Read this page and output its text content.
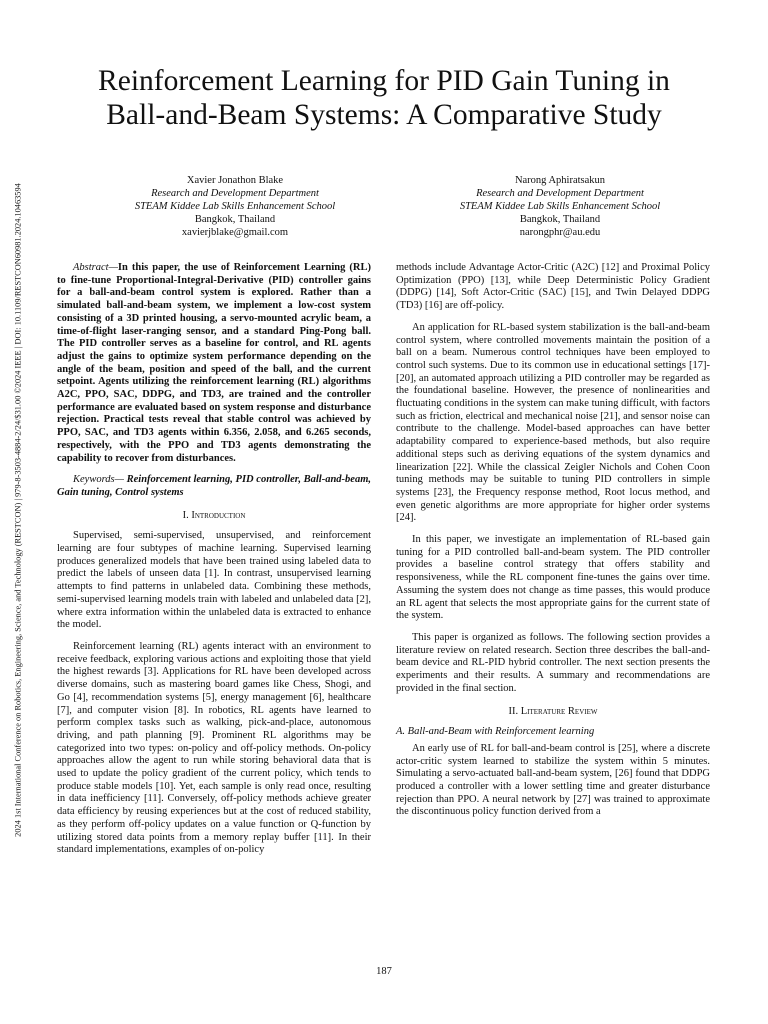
2024 1st International Conference on Robotics, Engineering, Science, and Technology (RESTCON) | 979-8-3503-4884-2/24/$31.00 ©2024 IEEE | DOI: 10.1109/RESTCON60981.2024.10463594
Reinforcement Learning for PID Gain Tuning in
Ball-and-Beam Systems: A Comparative Study
Xavier Jonathon Blake
Research and Development Department
STEAM Kiddee Lab Skills Enhancement School
Bangkok, Thailand
xavierjblake@gmail.com
Narong Aphiratsakun
Research and Development Department
STEAM Kiddee Lab Skills Enhancement School
Bangkok, Thailand
narongphr@au.edu

Abstract—In this paper, the use of Reinforcement Learning (RL) to fine-tune Proportional-Integral-Derivative (PID) controller gains for a ball-and-beam control system is explored. Rather than a simulated ball-and-beam system, we implement a low-cost system consisting of a 3D printed housing, a servo-mounted acrylic beam, a time-of-flight laser-ranging sensor, and a standard Ping-Pong ball. The PID controller serves as a baseline for control, and RL agents adjust the gains to optimize system performance depending on the angle of the beam, position and speed of the ball, and the current setpoint. Agents utilizing the reinforcement learning (RL) algorithms A2C, PPO, SAC, DDPG, and TD3, are trained and the controller performance are evaluated based on system response and disturbance rejection. Practical tests reveal that stable control was achieved by PPO, SAC, and TD3 agents within 6.356, 2.058, and 6.265 seconds, respectively, with the PPO and TD3 agents demonstrating the capability to recover from disturbances.

Keywords— Reinforcement learning, PID controller, Ball-and-beam, Gain tuning, Control systems

I. Introduction

Supervised, semi-supervised, unsupervised, and reinforcement learning are four subtypes of machine learning. Supervised learning produces generalized models that have been trained using labeled data to predict the labels of unseen data [1]. In contrast, unsupervised learning attempts to find patterns in unlabeled data. Combining these methods, semi-supervised learning models train with labeled and unlabeled data [2], where extra information within the unlabeled data is extracted to enhance the model.

Reinforcement learning (RL) agents interact with an environment to receive feedback, exploring various actions and exploiting those that yield the highest rewards [3]. Applications for RL have been developed across diverse domains, such as mastering board games like Chess, Shogi, and Go [4], recommendation systems [5], energy management [6], healthcare [7], and computer vision [8]. In robotics, RL agents have learned to perform complex tasks such as walking, pick-and-place, autonomous driving, and path planning [9]. Prominent RL algorithms may be categorized into two types: on-policy and off-policy methods. On-policy approaches allow the agent to run while storing behavioral data that is used to update the policy gradient of the current policy, which tends to produce stable models [10]. Yet, each sample is only read once, resulting in data inefficiency [11]. Conversely, off-policy methods achieve greater data efficiency by reusing experiences but at the cost of reduced stability, as they perform off-policy updates on a value function or Q-function by utilizing stored data points from a memory replay buffer [11]. In their standard implementations, examples of on-policy

methods include Advantage Actor-Critic (A2C) [12] and Proximal Policy Optimization (PPO) [13], while Deep Deterministic Policy Gradient (DDPG) [14], Soft Actor-Critic (SAC) [15], and Twin Delayed DDPG (TD3) [16] are off-policy.

An application for RL-based system stabilization is the ball-and-beam control system, where controlled movements maintain the position of a ball on a beam. Numerous control techniques have been employed to control such systems. Due to its common use in educational settings [17]-[20], an automated approach utilizing a PID controller may be regarded as the foundational baseline. However, the presence of nonlinearities and fluctuating conditions in the system can make tuning difficult, with factors such as friction, electrical and mechanical noise [21], and sensor noise can contribute to the challenge. Model-based approaches can have better adaptability compared to experience-based methods, but also require additional steps such as deriving equations of the system dynamics and linearization [22]. While the classical Zeigler Nichols and Cohen Coon tuning methods may be suitable to tuning PID controllers in simple systems [23], the Frequency response method, Root locus method, and even genetic algorithms are more appropriate for higher order systems [24].

In this paper, we investigate an implementation of RL-based gain tuning for a PID controlled ball-and-beam system. The PID controller provides a baseline control strategy that offers stability and responsiveness, while the RL component fine-tunes the gains over time. Assuming the system does not change as time passes, this would produce an RL agent that selects the most appropriate gains for the current state of the system.

This paper is organized as follows. The following section provides a literature review on related research. Section three describes the ball-and-beam device and RL-PID hybrid controller. The next section presents the experiments and their results. A summary and recommendations are provided in the final section.

II. Literature Review
A. Ball-and-Beam with Reinforcement learning

An early use of RL for ball-and-beam control is [25], where a discrete actor-critic system learned to stabilize the system within 5 minutes. Simulating a servo-actuated ball-and-beam system, [26] found that DDPG produced a controller with a lower settling time and greater disturbance rejection than PPO. A neural network by [27] was trained to approximate the discontinuous policy function derived from a

187
